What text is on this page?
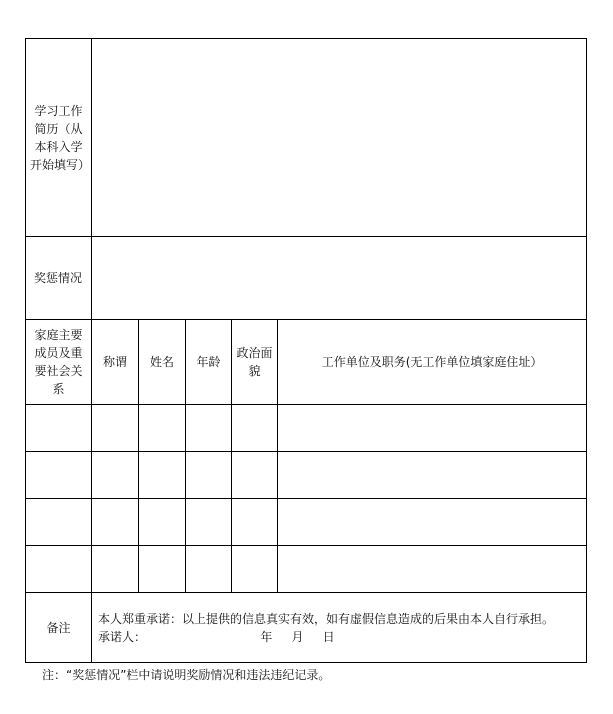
学习工作简历（从本科入学开始填写）					
奖惩情况					
家庭主要成员及重要社会关系	称谓	姓名	年龄	政治面貌	工作单位及职务(无工作单位填家庭住址）

备注	本人郑重承诺：以上提供的信息真实有效，如有虚假信息造成的后果由本人自行承担。
承诺人：                              年     月     日				
注：“奖惩情况”栏中请说明奖励情况和违法违纪记录。
